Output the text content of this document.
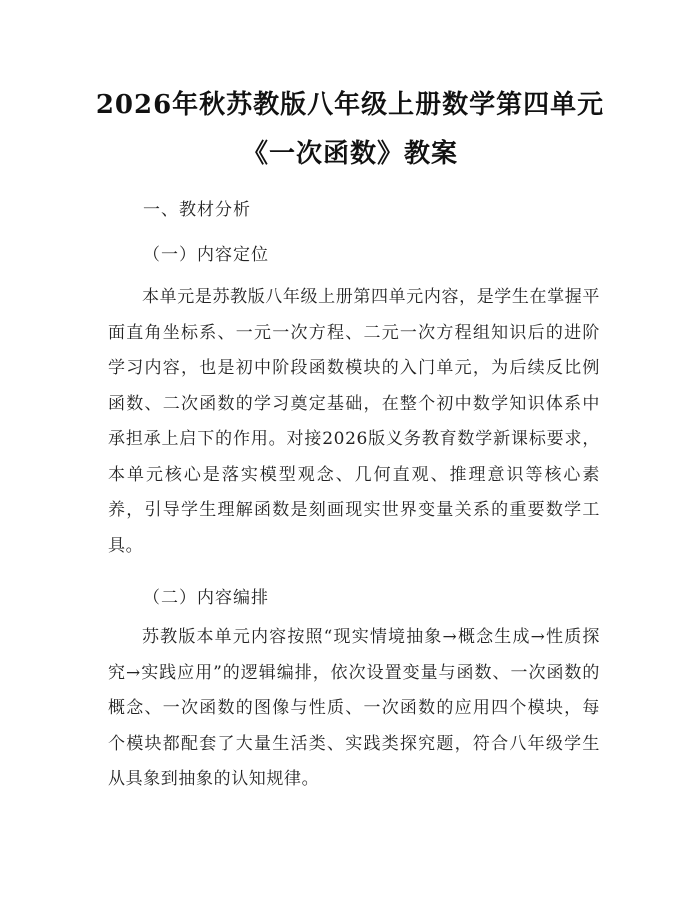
2026年秋苏教版八年级上册数学第四单元
《一次函数》教案
一、教材分析
（一）内容定位

本单元是苏教版八年级上册第四单元内容，是学生在掌握平面直角坐标系、一元一次方程、二元一次方程组知识后的进阶学习内容，也是初中阶段函数模块的入门单元，为后续反比例函数、二次函数的学习奠定基础，在整个初中数学知识体系中承担承上启下的作用。对接2026版义务教育数学新课标要求，本单元核心是落实模型观念、几何直观、推理意识等核心素养，引导学生理解函数是刻画现实世界变量关系的重要数学工具。

（二）内容编排

苏教版本单元内容按照“现实情境抽象→概念生成→性质探究→实践应用”的逻辑编排，依次设置变量与函数、一次函数的概念、一次函数的图像与性质、一次函数的应用四个模块，每个模块都配套了大量生活类、实践类探究题，符合八年级学生从具象到抽象的认知规律。
